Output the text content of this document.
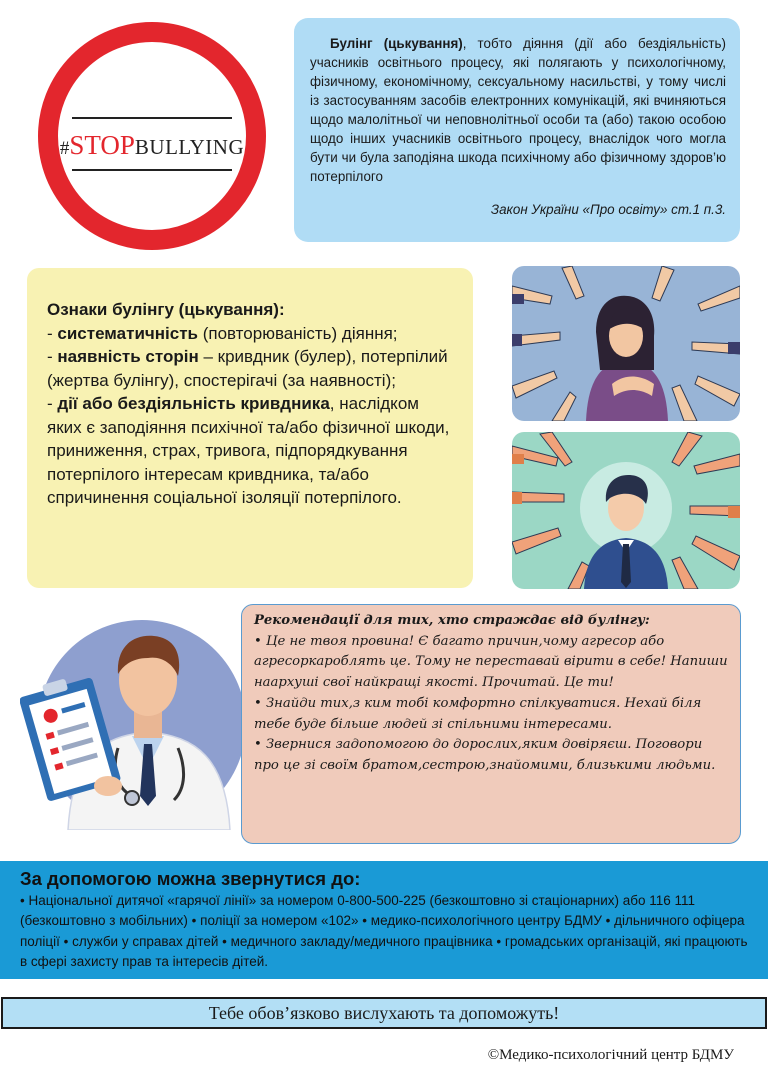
#STOPBULLYING

Булінг (цькування), тобто діяння (дії або бездіяльність) учасників освітнього процесу, які полягають у психологічному, фізичному, економічному, сексуальному насильстві, у тому числі із застосуванням засобів електронних комунікацій, які вчиняються щодо малолітньої чи неповнолітньої особи та (або) такою особою щодо інших учасників освітнього процесу, внаслідок чого могла бути чи була заподіяна шкода психічному або фізичному здоров’ю потерпілого

Закон України «Про освіту» ст.1 п.3.

Ознаки булінгу (цькування):
- систематичність (повторюваність) діяння;
- наявність сторін – кривдник (булер), потерпілий (жертва булінгу), спостерігачі (за наявності);
- дії або бездіяльність кривдника, наслідком яких є заподіяння психічної та/або фізичної шкоди, приниження, страх, тривога, підпорядкування потерпілого інтересам кривдника, та/або спричинення соціальної ізоляції потерпілого.
Рекомендації для тих, хто страждає від булінгу:
• Це не твоя провина! Є багато причин,чому агресор або агресоркароблять це. Тому не переставай вірити в себе! Напиши наархуші свої найкращі якості. Прочитай. Це ти!
• Знайди тих,з ким тобі комфортно спілкуватися. Нехай біля тебе буде більше людей зі спільними інтересами.
• Звернися задопомогою до дорослих,яким довіряєш. Поговори про це зі своїм братом,сестрою,знайомими, близькими людьми.
За допомогою можна звернутися до:
• Національної дитячої «гарячої лінії» за номером 0-800-500-225 (безкоштовно зі стаціонарних) або 116 111 (безкоштовно з мобільних) • поліції за номером «102» • медико-психологічного центру БДМУ • дільничного офіцера поліції • служби у справах дітей • медичного закладу/медичного працівника • громадських організацій, які працюють в сфері захисту прав та інтересів дітей.
Тебе обов’язково вислухають та допоможуть!
©Медико-психологічний центр БДМУ
